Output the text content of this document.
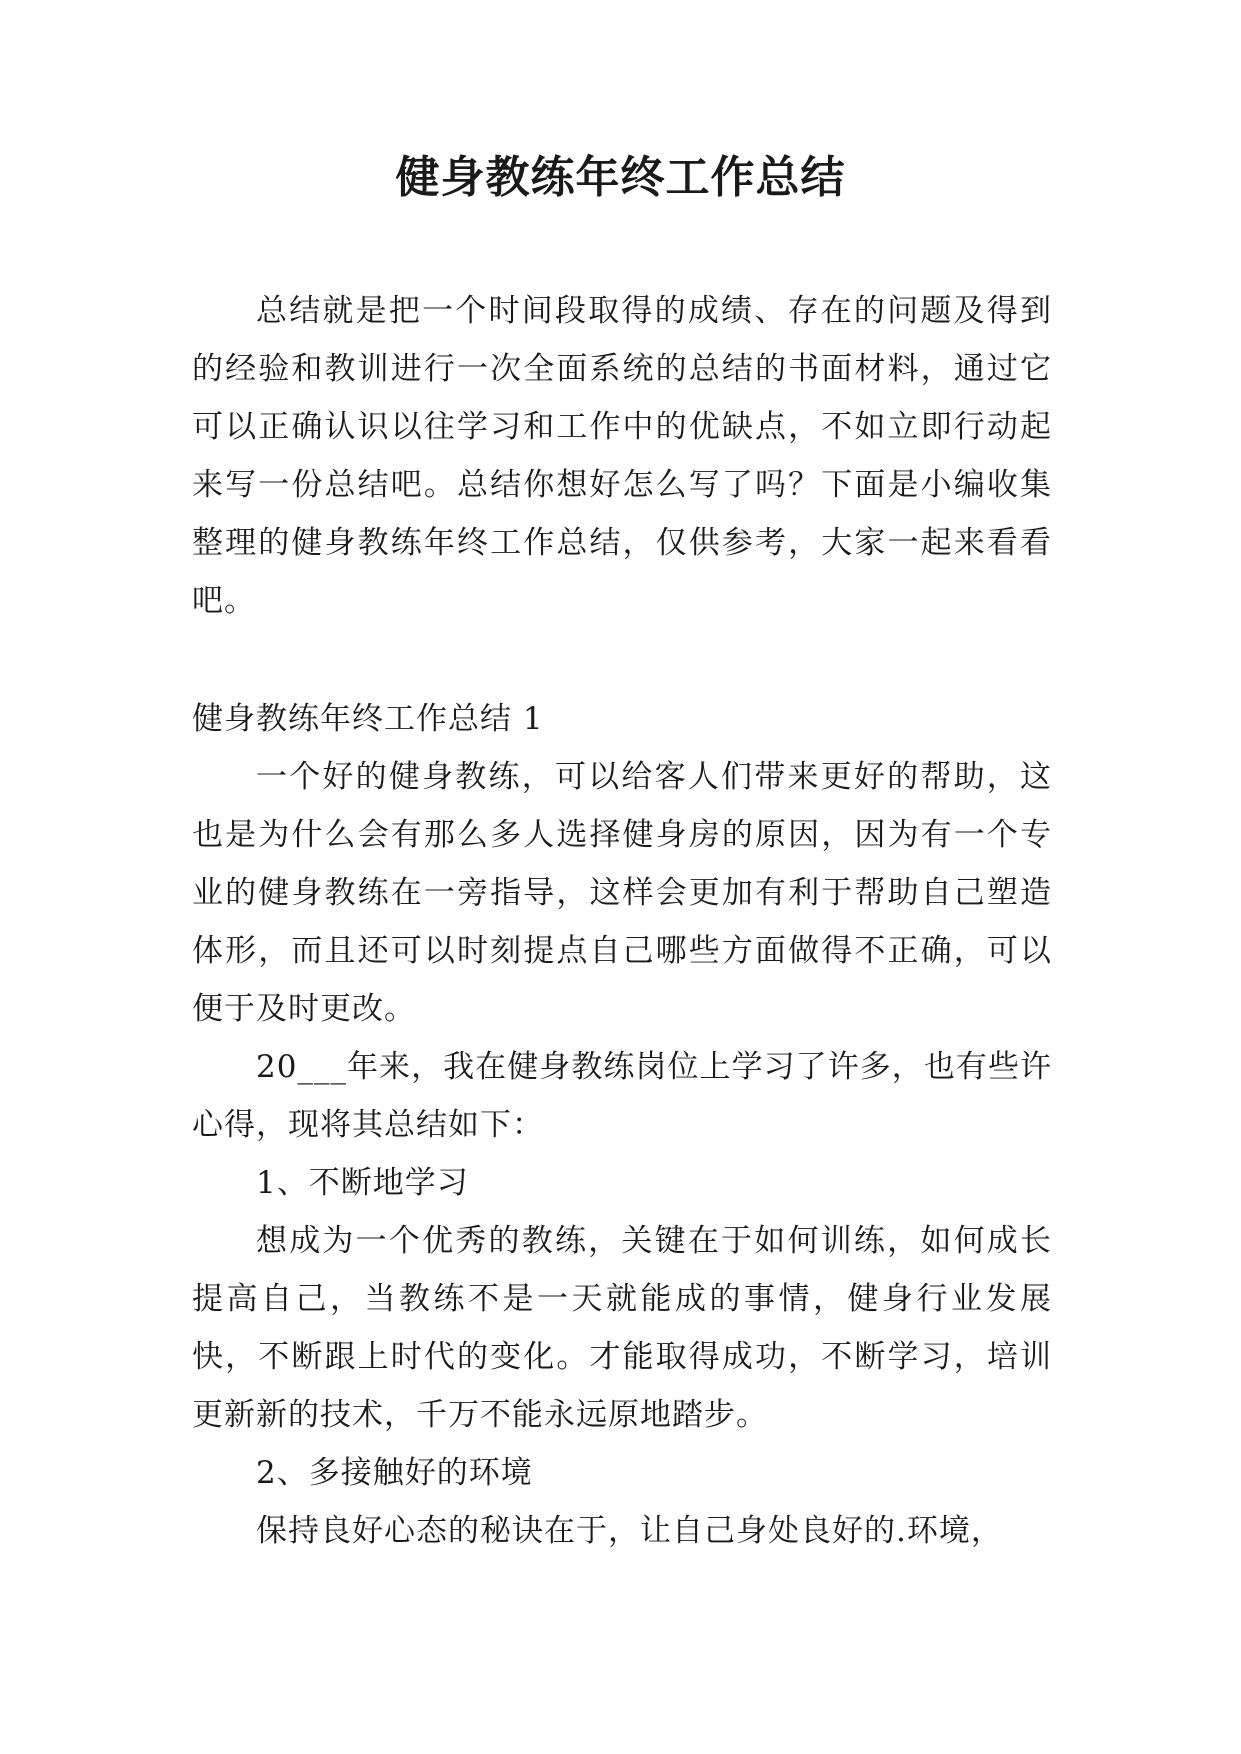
健身教练年终工作总结

总结就是把一个时间段取得的成绩、存在的问题及得到的经验和教训进行一次全面系统的总结的书面材料，通过它可以正确认识以往学习和工作中的优缺点，不如立即行动起来写一份总结吧。总结你想好怎么写了吗？下面是小编收集整理的健身教练年终工作总结，仅供参考，大家一起来看看吧。

健身教练年终工作总结 1

一个好的健身教练，可以给客人们带来更好的帮助，这也是为什么会有那么多人选择健身房的原因，因为有一个专业的健身教练在一旁指导，这样会更加有利于帮助自己塑造体形，而且还可以时刻提点自己哪些方面做得不正确，可以便于及时更改。

20___年来，我在健身教练岗位上学习了许多，也有些许心得，现将其总结如下：

1、不断地学习

想成为一个优秀的教练，关键在于如何训练，如何成长提高自己，当教练不是一天就能成的事情，健身行业发展快，不断跟上时代的变化。才能取得成功，不断学习，培训更新新的技术，千万不能永远原地踏步。

2、多接触好的环境

保持良好心态的秘诀在于，让自己身处良好的.环境，
